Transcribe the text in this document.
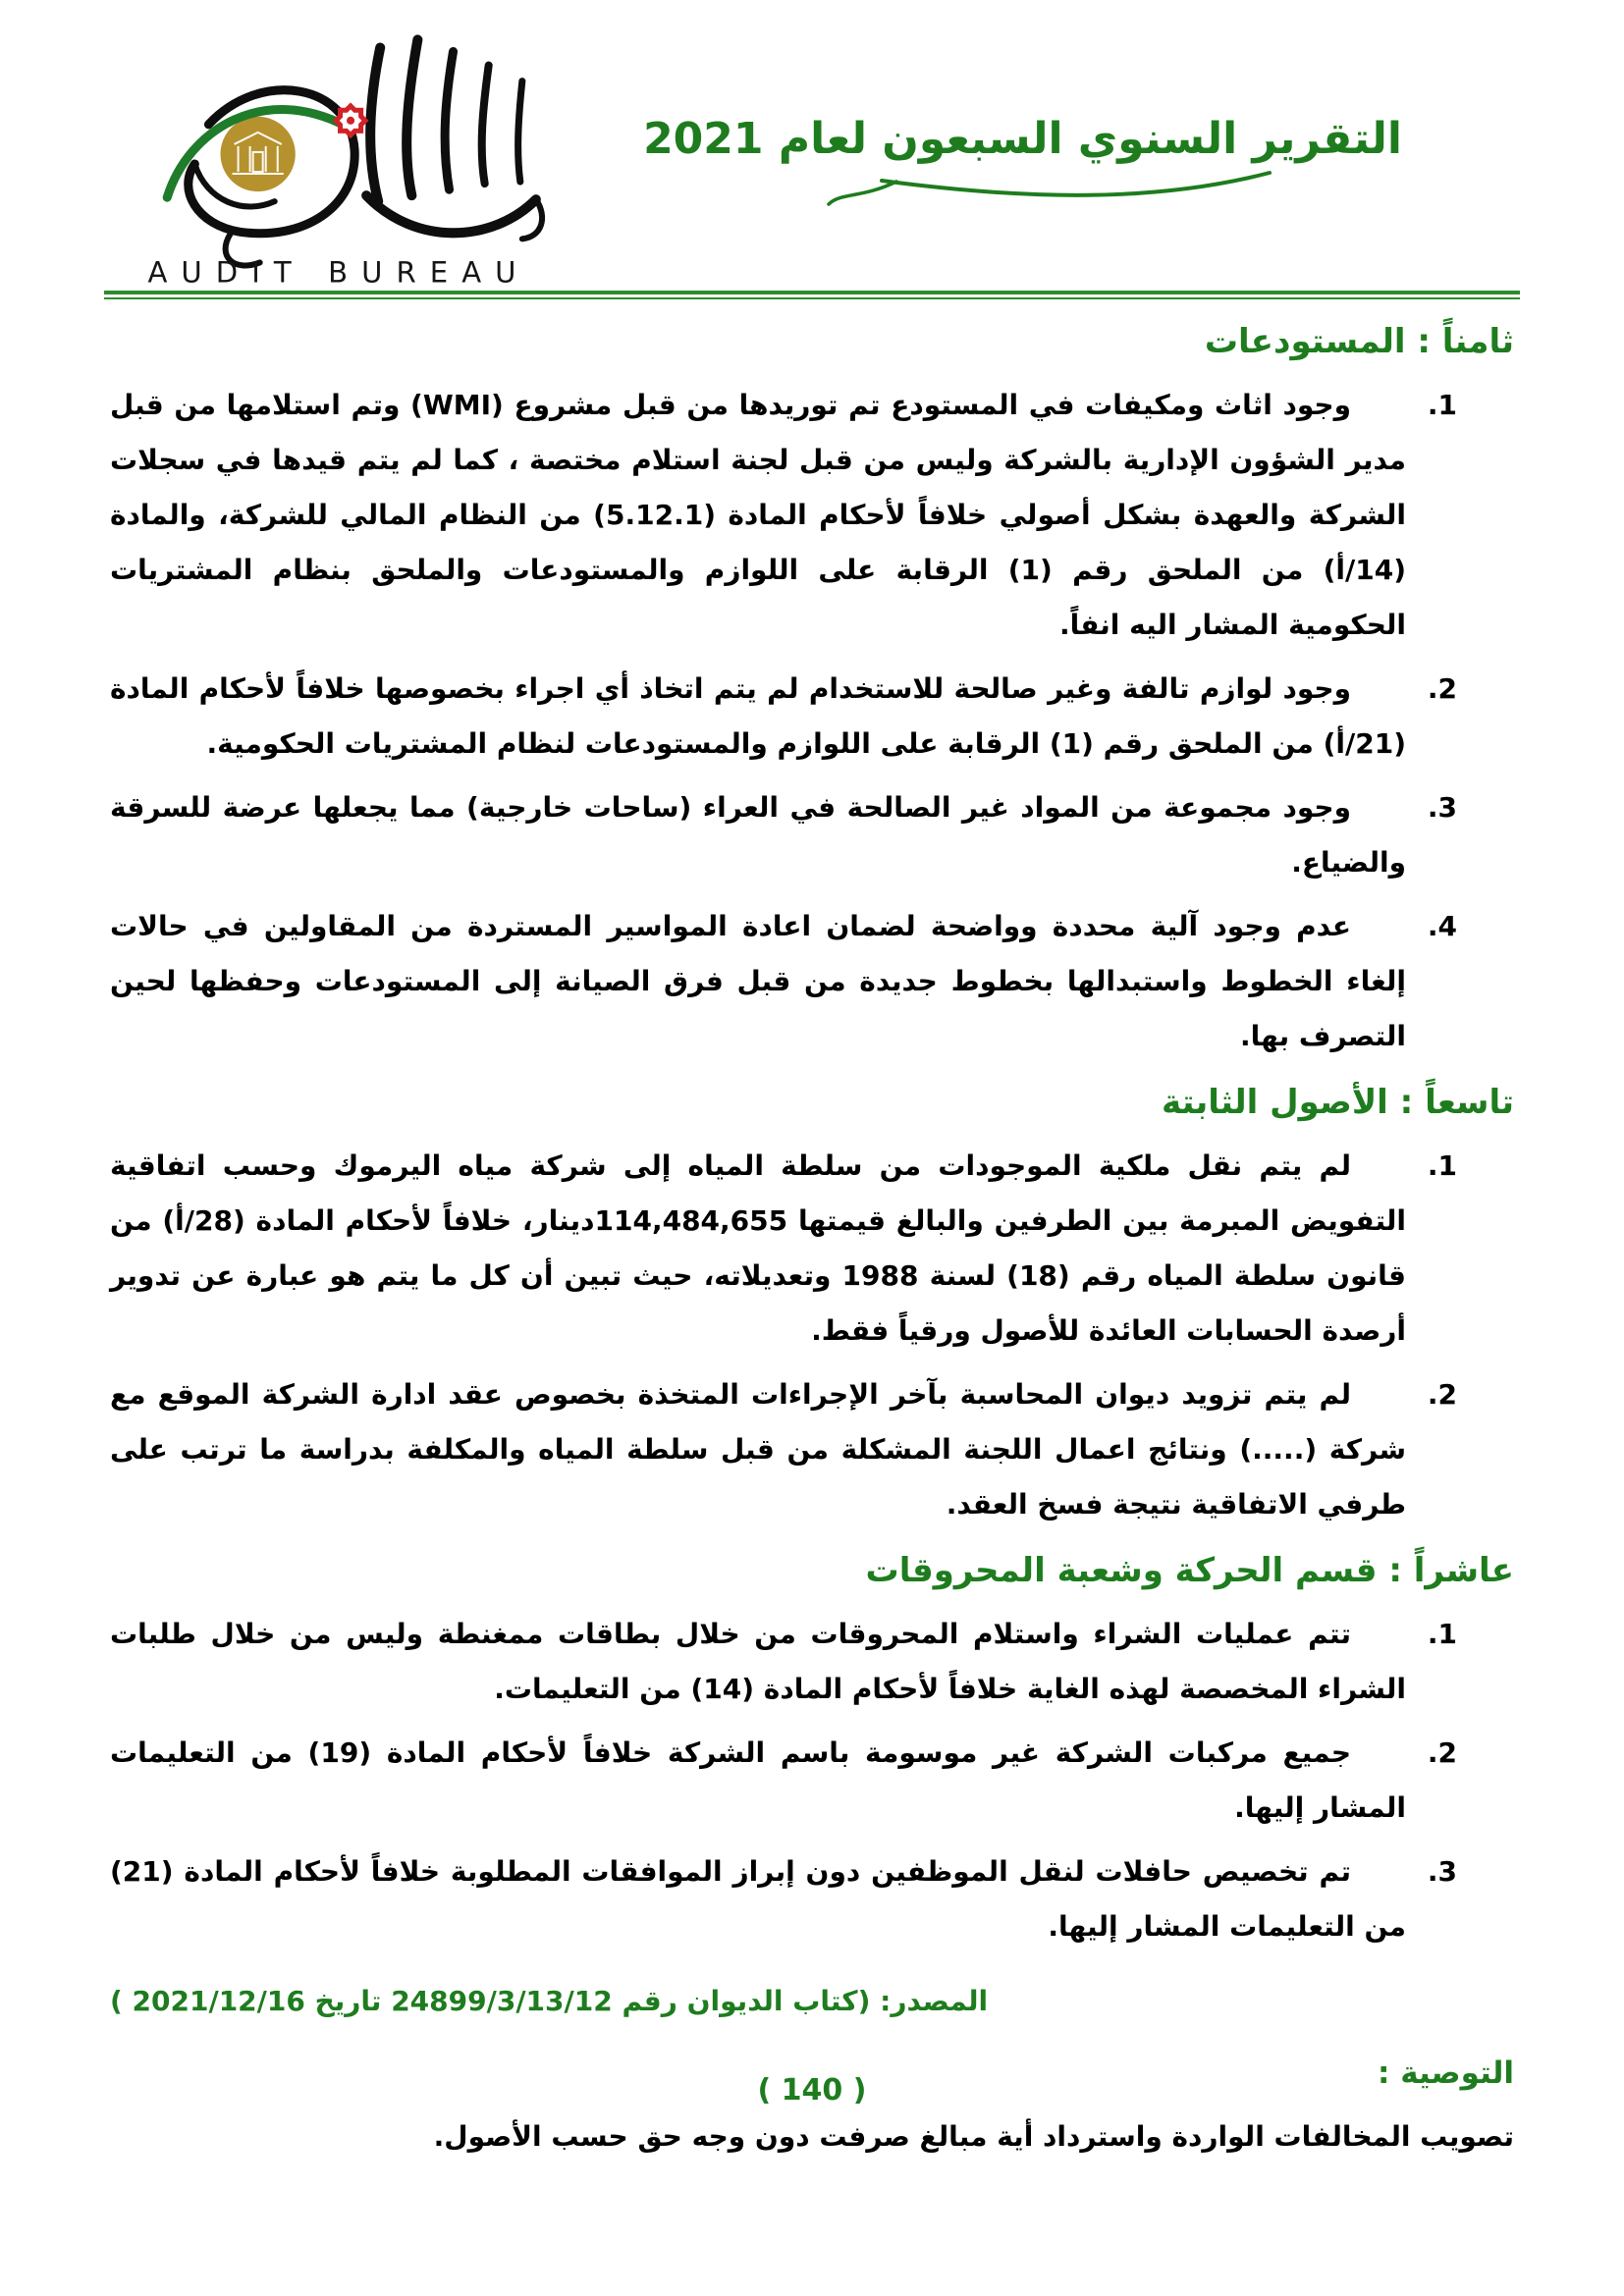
AUDIT BUREAU
التقرير السنوي السبعون لعام 2021
ثامناً : المستودعات
.1

وجود اثاث ومكيفات في المستودع تم توريدها من قبل مشروع (WMI) وتم استلامها من قبل مدير الشؤون الإدارية بالشركة وليس من قبل لجنة استلام مختصة ، كما لم يتم قيدها في سجلات الشركة والعهدة بشكل أصولي خلافاً لأحكام المادة (5.12.1) من النظام المالي للشركة، والمادة (14/أ) من الملحق رقم (1) الرقابة على اللوازم والمستودعات والملحق بنظام المشتريات الحكومية المشار اليه انفاً.

.2

وجود لوازم تالفة وغير صالحة للاستخدام لم يتم اتخاذ أي اجراء بخصوصها خلافاً لأحكام المادة (21/أ) من الملحق رقم (1) الرقابة على اللوازم والمستودعات لنظام المشتريات الحكومية.

.3

وجود مجموعة من المواد غير الصالحة في العراء (ساحات خارجية) مما يجعلها عرضة للسرقة والضياع.

.4

عدم وجود آلية محددة وواضحة لضمان اعادة المواسير المستردة من المقاولين في حالات إلغاء الخطوط واستبدالها بخطوط جديدة من قبل فرق الصيانة إلى المستودعات وحفظها لحين التصرف بها.

تاسعاً : الأصول الثابتة
.1

لم يتم نقل ملكية الموجودات من سلطة المياه إلى شركة مياه اليرموك وحسب اتفاقية التفويض المبرمة بين الطرفين والبالغ قيمتها 114,484,655دينار، خلافاً لأحكام المادة (28/أ) من قانون سلطة المياه رقم (18) لسنة 1988 وتعديلاته، حيث تبين أن كل ما يتم هو عبارة عن تدوير أرصدة الحسابات العائدة للأصول ورقياً فقط.

.2

لم يتم تزويد ديوان المحاسبة بآخر الإجراءات المتخذة بخصوص عقد ادارة الشركة الموقع مع شركة (.....) ونتائج اعمال اللجنة المشكلة من قبل سلطة المياه والمكلفة بدراسة ما ترتب على طرفي الاتفاقية نتيجة فسخ العقد.

عاشراً : قسم الحركة وشعبة المحروقات
.1

تتم عمليات الشراء واستلام المحروقات من خلال بطاقات ممغنطة وليس من خلال طلبات الشراء المخصصة لهذه الغاية خلافاً لأحكام المادة (14) من التعليمات.

.2

جميع مركبات الشركة غير موسومة باسم الشركة خلافاً لأحكام المادة (19) من التعليمات المشار إليها.

.3

تم تخصيص حافلات لنقل الموظفين دون إبراز الموافقات المطلوبة خلافاً لأحكام المادة (21) من التعليمات المشار إليها.

المصدر: (كتاب الديوان رقم 24899/3/13/12 تاريخ 2021/12/16 )
التوصية :
تصويب المخالفات الواردة واسترداد أية مبالغ صرفت دون وجه حق حسب الأصول.
( 140 )
